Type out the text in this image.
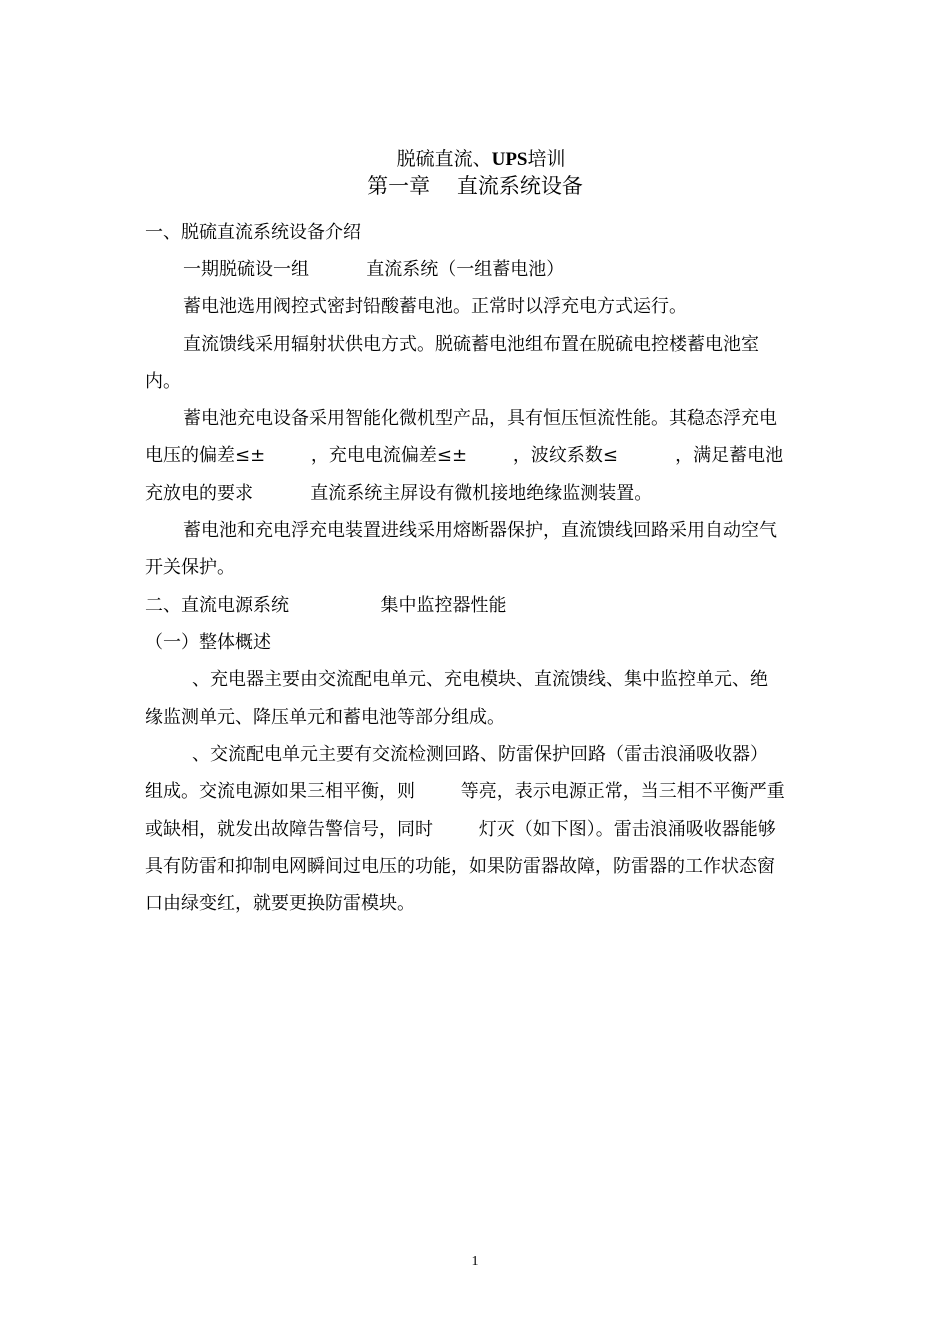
脱硫直流、UPS培训

第一章    直流系统设备
一、脱硫直流系统设备介绍
一期脱硫设一组          直流系统（一组蓄电池）
蓄电池选用阀控式密封铅酸蓄电池。正常时以浮充电方式运行。
直流馈线采用辐射状供电方式。脱硫蓄电池组布置在脱硫电控楼蓄电池室
内。
蓄电池充电设备采用智能化微机型产品，具有恒压恒流性能。其稳态浮充电
电压的偏差≤±        ，充电电流偏差≤±        ，波纹系数≤          ，满足蓄电池
充放电的要求          直流系统主屏设有微机接地绝缘监测装置。
蓄电池和充电浮充电装置进线采用熔断器保护，直流馈线回路采用自动空气
开关保护。
二、直流电源系统                集中监控器性能
（一）整体概述
、充电器主要由交流配电单元、充电模块、直流馈线、集中监控单元、绝
缘监测单元、降压单元和蓄电池等部分组成。
、交流配电单元主要有交流检测回路、防雷保护回路（雷击浪涌吸收器）
组成。交流电源如果三相平衡，则        等亮，表示电源正常，当三相不平衡严重
或缺相，就发出故障告警信号，同时        灯灭（如下图）。雷击浪涌吸收器能够
具有防雷和抑制电网瞬间过电压的功能，如果防雷器故障，防雷器的工作状态窗
口由绿变红，就要更换防雷模块。
1
